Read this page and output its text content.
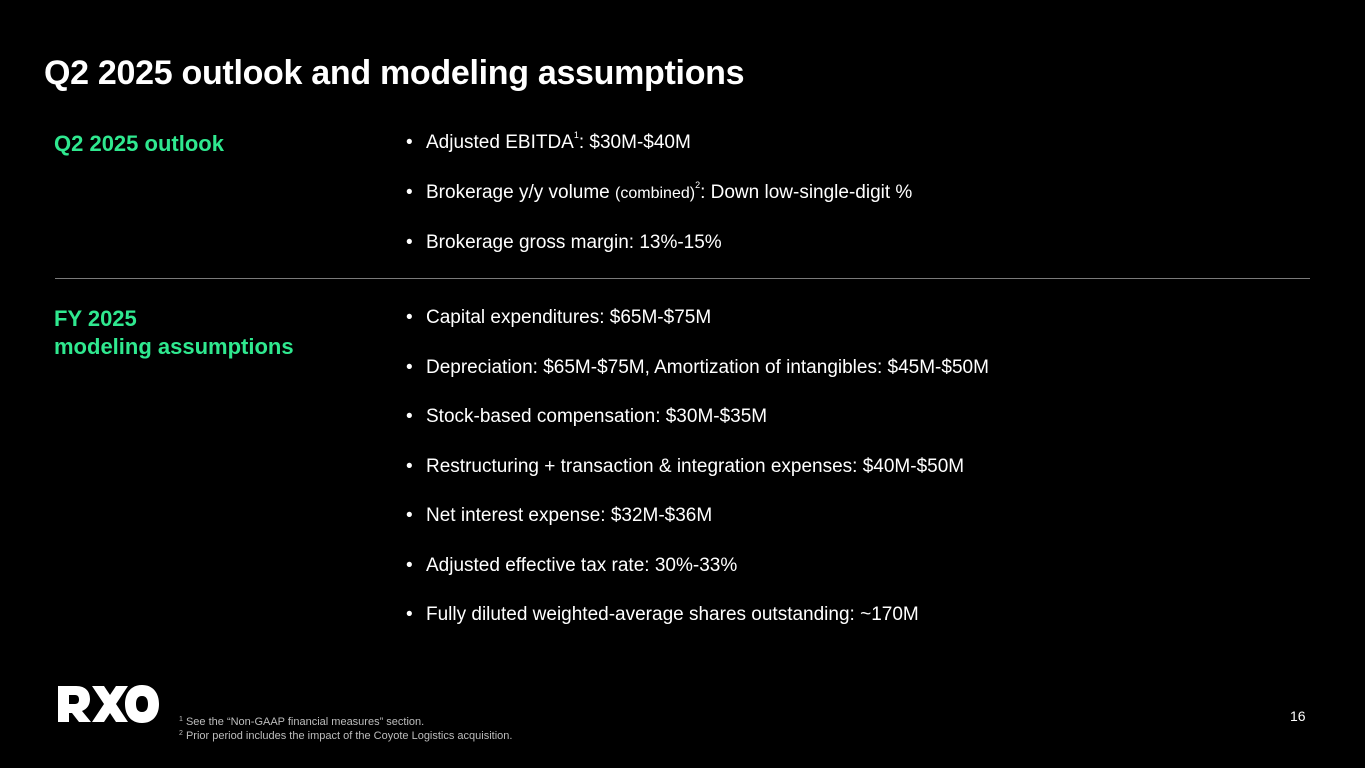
Q2 2025 outlook and modeling assumptions
Q2 2025 outlook	• Adjusted EBITDA$^1$: $30M-$40M
• Brokerage y/y volume (combined)$^2$: Down low-single-digit %
• Brokerage gross margin: 13%-15%
FY 2025
modeling assumptions
• Capital expenditures: $65M-$75M
• Depreciation: $65M-$75M, Amortization of intangibles: $45M-$50M
• Stock-based compensation: $30M-$35M
• Restructuring + transaction & integration expenses: $40M-$50M
• Net interest expense: $32M-$36M
• Adjusted effective tax rate: 30%-33%
• Fully diluted weighted-average shares outstanding: ~170M
$^1$ See the “Non-GAAP financial measures” section.
$^2$ Prior period includes the impact of the Coyote Logistics acquisition.
16
